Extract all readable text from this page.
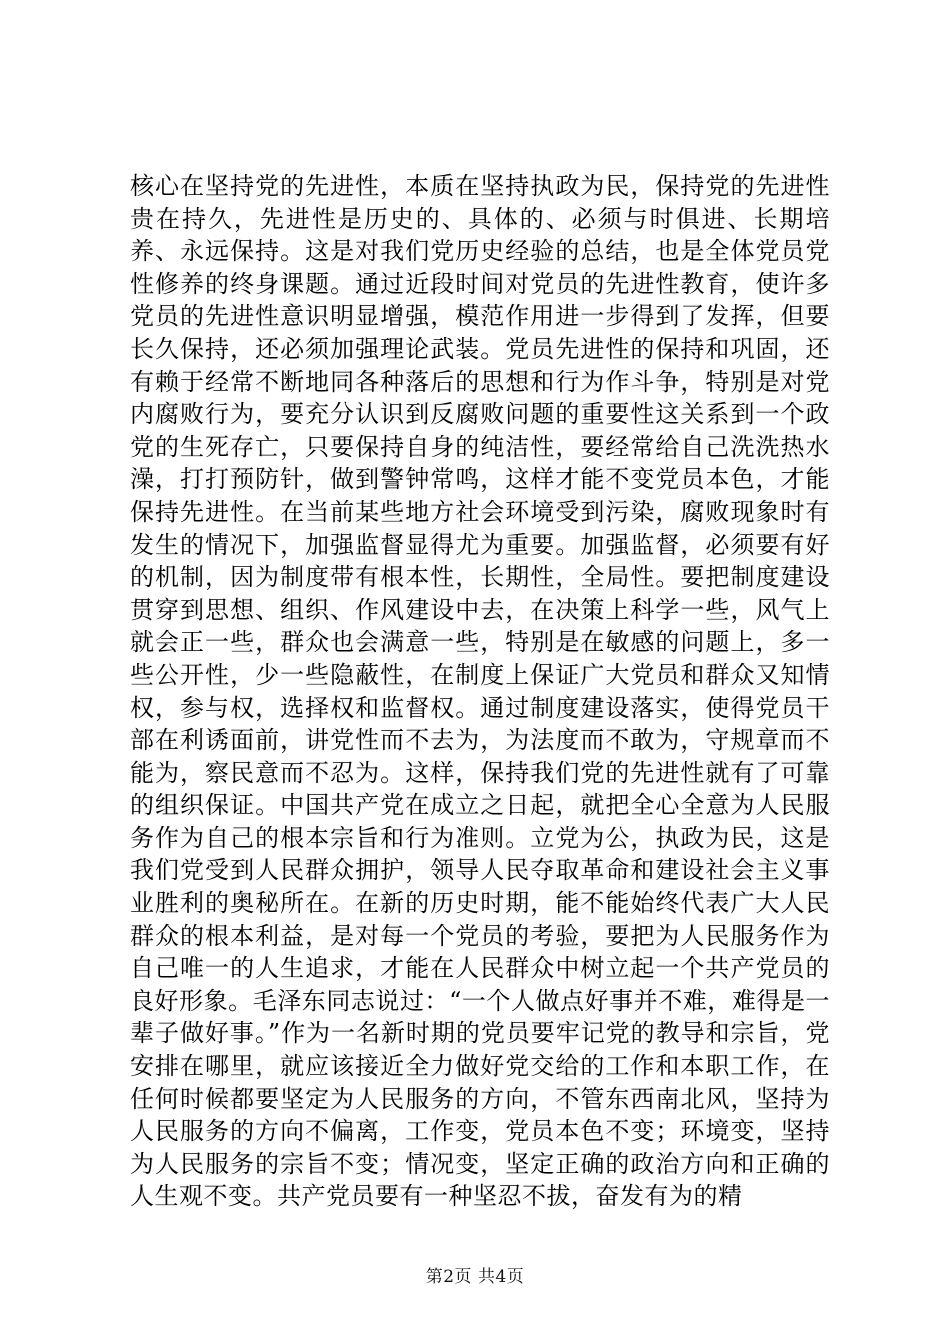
核心在坚持党的先进性，本质在坚持执政为民，保持党的先进性贵在持久，先进性是历史的、具体的、必须与时俱进、长期培养、永远保持。这是对我们党历史经验的总结，也是全体党员党性修养的终身课题。通过近段时间对党员的先进性教育，使许多党员的先进性意识明显增强，模范作用进一步得到了发挥，但要长久保持，还必须加强理论武装。党员先进性的保持和巩固，还有赖于经常不断地同各种落后的思想和行为作斗争，特别是对党内腐败行为，要充分认识到反腐败问题的重要性这关系到一个政党的生死存亡，只要保持自身的纯洁性，要经常给自己洗洗热水澡，打打预防针，做到警钟常鸣，这样才能不变党员本色，才能保持先进性。在当前某些地方社会环境受到污染，腐败现象时有发生的情况下，加强监督显得尤为重要。加强监督，必须要有好的机制，因为制度带有根本性，长期性，全局性。要把制度建设贯穿到思想、组织、作风建设中去，在决策上科学一些，风气上就会正一些，群众也会满意一些，特别是在敏感的问题上，多一些公开性，少一些隐蔽性，在制度上保证广大党员和群众又知情权，参与权，选择权和监督权。通过制度建设落实，使得党员干部在利诱面前，讲党性而不去为，为法度而不敢为，守规章而不能为，察民意而不忍为。这样，保持我们党的先进性就有了可靠的组织保证。中国共产党在成立之日起，就把全心全意为人民服务作为自己的根本宗旨和行为准则。立党为公，执政为民，这是我们党受到人民群众拥护，领导人民夺取革命和建设社会主义事业胜利的奥秘所在。在新的历史时期，能不能始终代表广大人民群众的根本利益，是对每一个党员的考验，要把为人民服务作为自己唯一的人生追求，才能在人民群众中树立起一个共产党员的良好形象。毛泽东同志说过：“一个人做点好事并不难，难得是一辈子做好事。”作为一名新时期的党员要牢记党的教导和宗旨，党安排在哪里，就应该接近全力做好党交给的工作和本职工作，在任何时候都要坚定为人民服务的方向，不管东西南北风，坚持为人民服务的方向不偏离，工作变，党员本色不变；环境变，坚持为人民服务的宗旨不变；情况变，坚定正确的政治方向和正确的人生观不变。共产党员要有一种坚忍不拔，奋发有为的精

第2页 共4页
